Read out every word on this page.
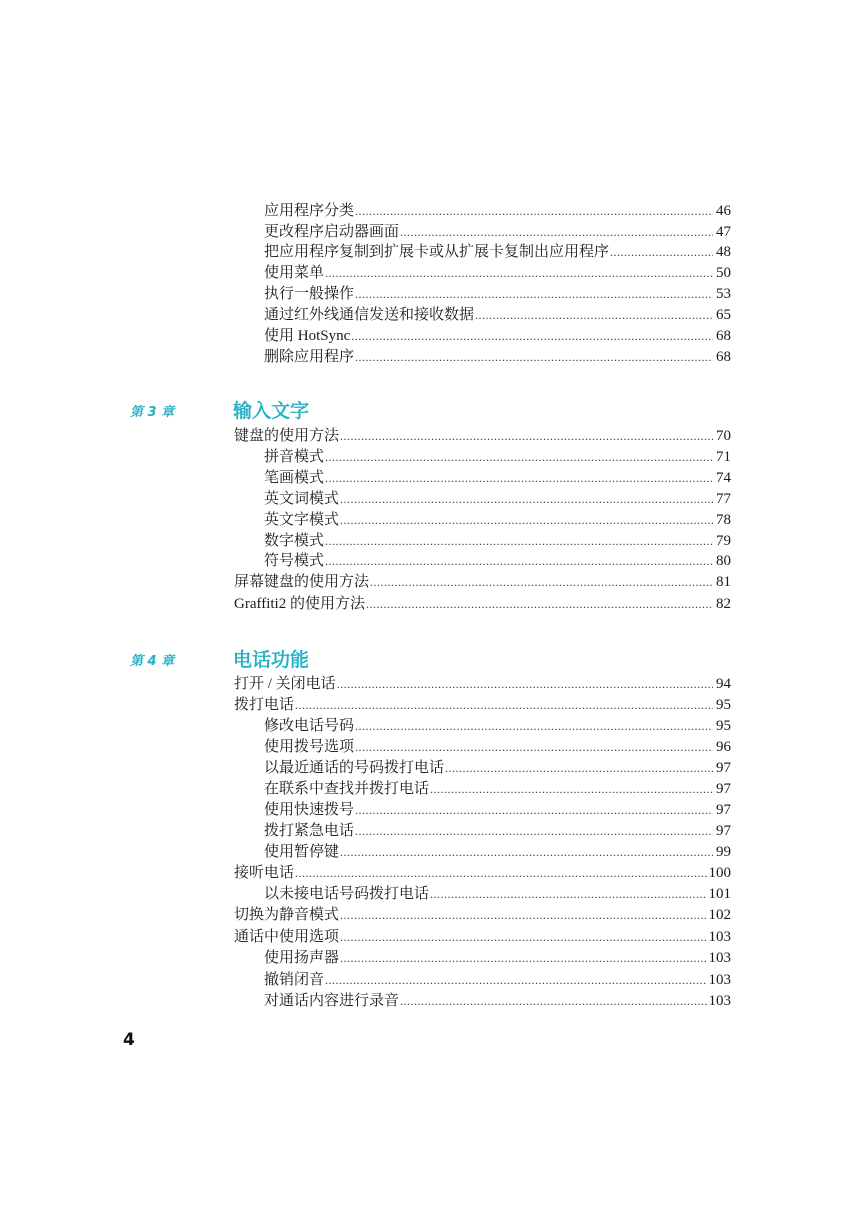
应用程序分类 .....	46
更改程序启动器画面 .....	47
把应用程序复制到扩展卡或从扩展卡复制出应用程序 .....	48
使用菜单 .....	50
执行一般操作 .....	53
通过红外线通信发送和接收数据 .....	65
使用 HotSync .....	68
删除应用程序 .....	68
第 3 章	输入文字
键盘的使用方法 .....	70
拼音模式 .....	71
笔画模式 .....	74
英文词模式 .....	77
英文字模式 .....	78
数字模式 .....	79
符号模式 .....	80
屏幕键盘的使用方法 .....	81
Graffiti2 的使用方法 .....	82
第 4 章	电话功能
打开 / 关闭电话 .....	94
拨打电话 .....	95
修改电话号码 .....	95
使用拨号选项 .....	96
以最近通话的号码拨打电话 .....	97
在联系中查找并拨打电话 .....	97
使用快速拨号 .....	97
拨打紧急电话 .....	97
使用暂停键 .....	99
接听电话 .....	100
以未接电话号码拨打电话 .....	101
切换为静音模式 .....	102
通话中使用选项 .....	103
使用扬声器 .....	103
撤销闭音 .....	103
对通话内容进行录音 .....	103
4
